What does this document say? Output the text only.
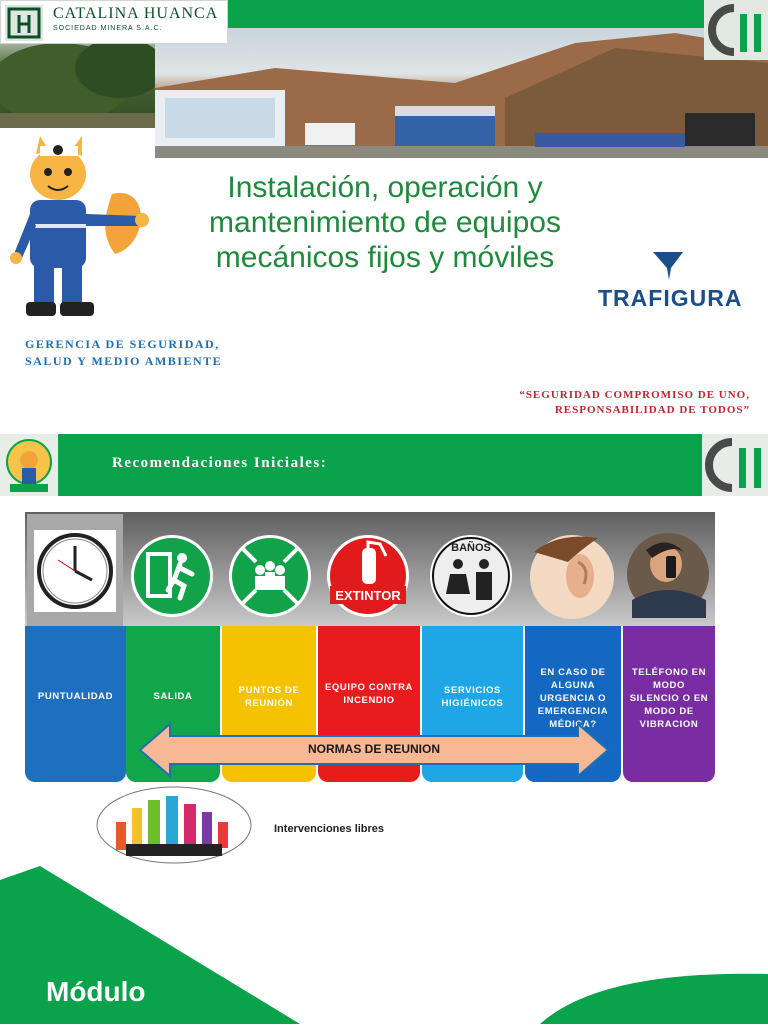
CATALINA HUANCA
SOCIEDAD MINERA S.A.C.
Instalación, operación y mantenimiento de equipos mecánicos fijos y móviles
TRAFIGURA
GERENCIA DE SEGURIDAD,
SALUD Y MEDIO AMBIENTE
“SEGURIDAD COMPROMISO DE UNO,
RESPONSABILIDAD DE TODOS”
Recomendaciones Iniciales:
EXTINTOR
BAÑOS
PUNTUALIDAD	SALIDA
PUNTOS DE REUNIÓN
EQUIPO CONTRA INCENDIO
SERVICIOS HIGIÉNICOS
EN CASO DE ALGUNA URGENCIA O EMERGENCIA MÉDICA?
TELÉFONO EN MODO SILENCIO O EN MODO DE VIBRACION
NORMAS DE REUNION
Intervenciones libres
Módulo
